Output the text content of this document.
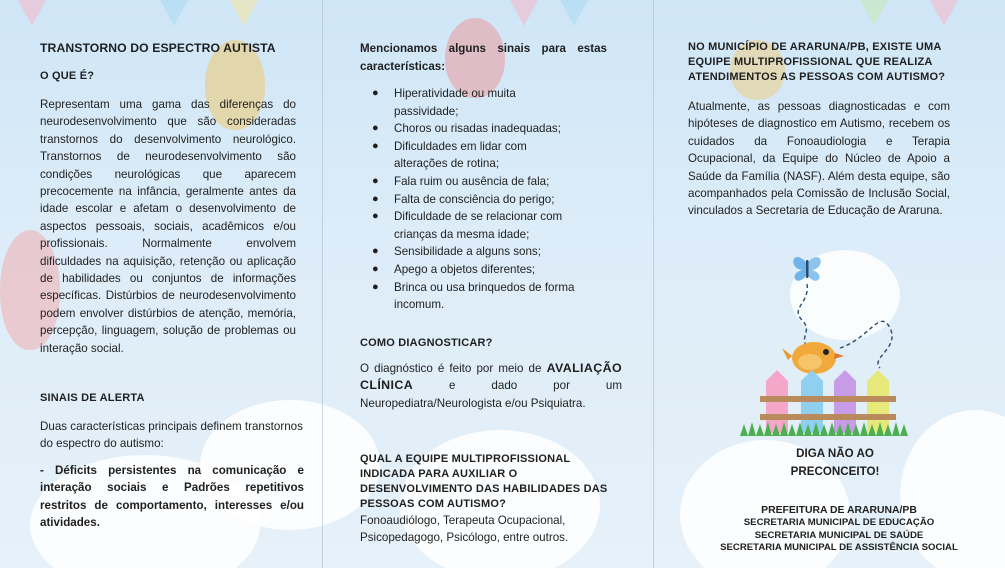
TRANSTORNO DO ESPECTRO AUTISTA
O QUE É?
Representam uma gama das diferenças do neurodesenvolvimento que são consideradas transtornos do desenvolvimento neurológico. Transtornos de neurodesenvolvimento são condições neurológicas que aparecem precocemente na infância, geralmente antes da idade escolar e afetam o desenvolvimento de aspectos pessoais, sociais, acadêmicos e/ou profissionais. Normalmente envolvem dificuldades na aquisição, retenção ou aplicação de habilidades ou conjuntos de informações específicas. Distúrbios de neurodesenvolvimento podem envolver distúrbios de atenção, memória, percepção, linguagem, solução de problemas ou interação social.
SINAIS DE ALERTA
Duas características principais definem transtornos do espectro do autismo:
- Déficits persistentes na comunicação e interação sociais e Padrões repetitivos restritos de comportamento, interesses e/ou atividades.
Mencionamos alguns sinais para estas características:
● Hiperatividade ou muita passividade;
● Choros ou risadas inadequadas;
● Dificuldades em lidar com alterações de rotina;
● Fala ruim ou ausência de fala;
● Falta de consciência do perigo;
● Dificuldade de se relacionar com crianças da mesma idade;
● Sensibilidade a alguns sons;
● Apego a objetos diferentes;
● Brinca ou usa brinquedos de forma incomum.
COMO DIAGNOSTICAR?
O diagnóstico é feito por meio de AVALIAÇÃO CLÍNICA	e dado por um Neuropediatra/Neurologista e/ou Psiquiatra.
QUAL A EQUIPE MULTIPROFISSIONAL INDICADA PARA AUXILIAR O DESENVOLVIMENTO DAS HABILIDADES DAS PESSOAS COM AUTISMO?
Fonoaudiólogo, Terapeuta Ocupacional, Psicopedagogo, Psicólogo, entre outros.
NO MUNICÍPIO DE ARARUNA/PB, EXISTE UMA EQUIPE MULTIPROFISSIONAL QUE REALIZA ATENDIMENTOS AS PESSOAS COM AUTISMO?
Atualmente, as pessoas diagnosticadas e com hipóteses de diagnostico em Autismo, recebem os cuidados da Fonoaudiologia e Terapia Ocupacional, da Equipe do Núcleo de Apoio a Saúde da Família (NASF). Além desta equipe, são acompanhados pela Comissão de Inclusão Social, vinculados a Secretaria de Educação de Araruna.
DIGA NÃO AO
PRECONCEITO!
PREFEITURA DE ARARUNA/PB
SECRETARIA MUNICIPAL DE EDUCAÇÃO
SECRETARIA MUNICIPAL DE SAÚDE
SECRETARIA MUNICIPAL DE ASSISTÊNCIA SOCIAL
